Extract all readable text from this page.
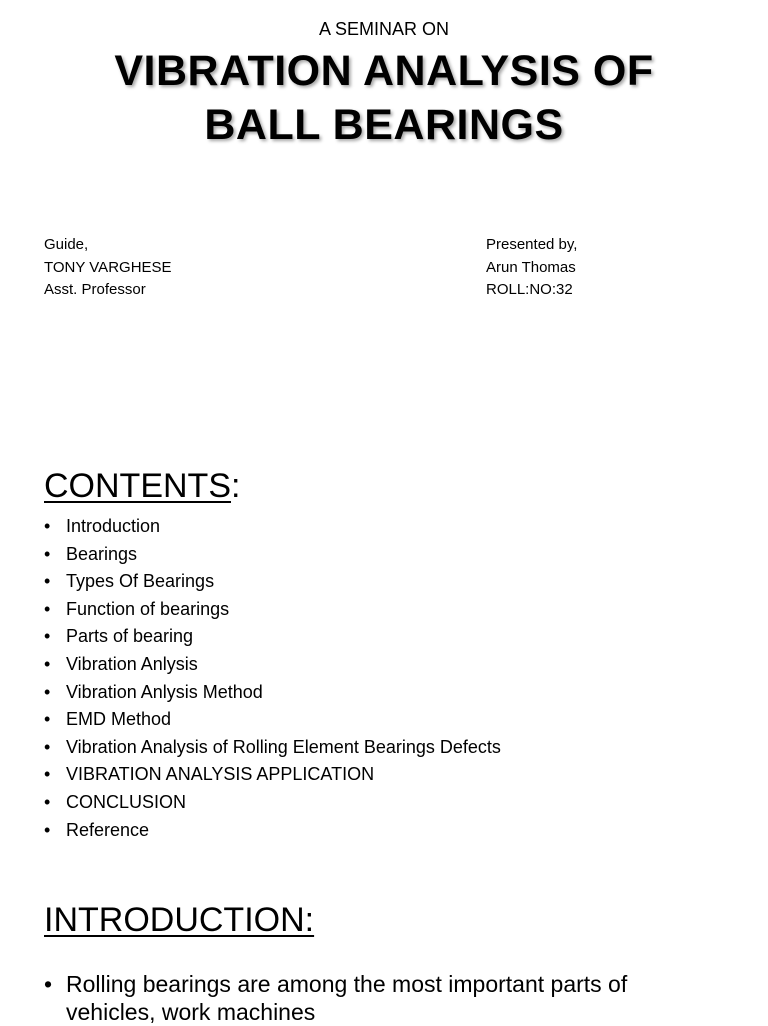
A SEMINAR ON
VIBRATION ANALYSIS OF
BALL BEARINGS
Guide,
TONY VARGHESE
Asst. Professor
Presented by,
Arun Thomas
ROLL:NO:32
CONTENTS:
• Introduction
• Bearings
• Types Of Bearings
• Function of bearings
• Parts of bearing
• Vibration Anlysis
• Vibration Anlysis Method
• EMD Method
• Vibration Analysis of Rolling Element Bearings Defects
• VIBRATION ANALYSIS APPLICATION
• CONCLUSION
• Reference
INTRODUCTION:
• Rolling bearings are among the most important parts of
vehicles, work machines
